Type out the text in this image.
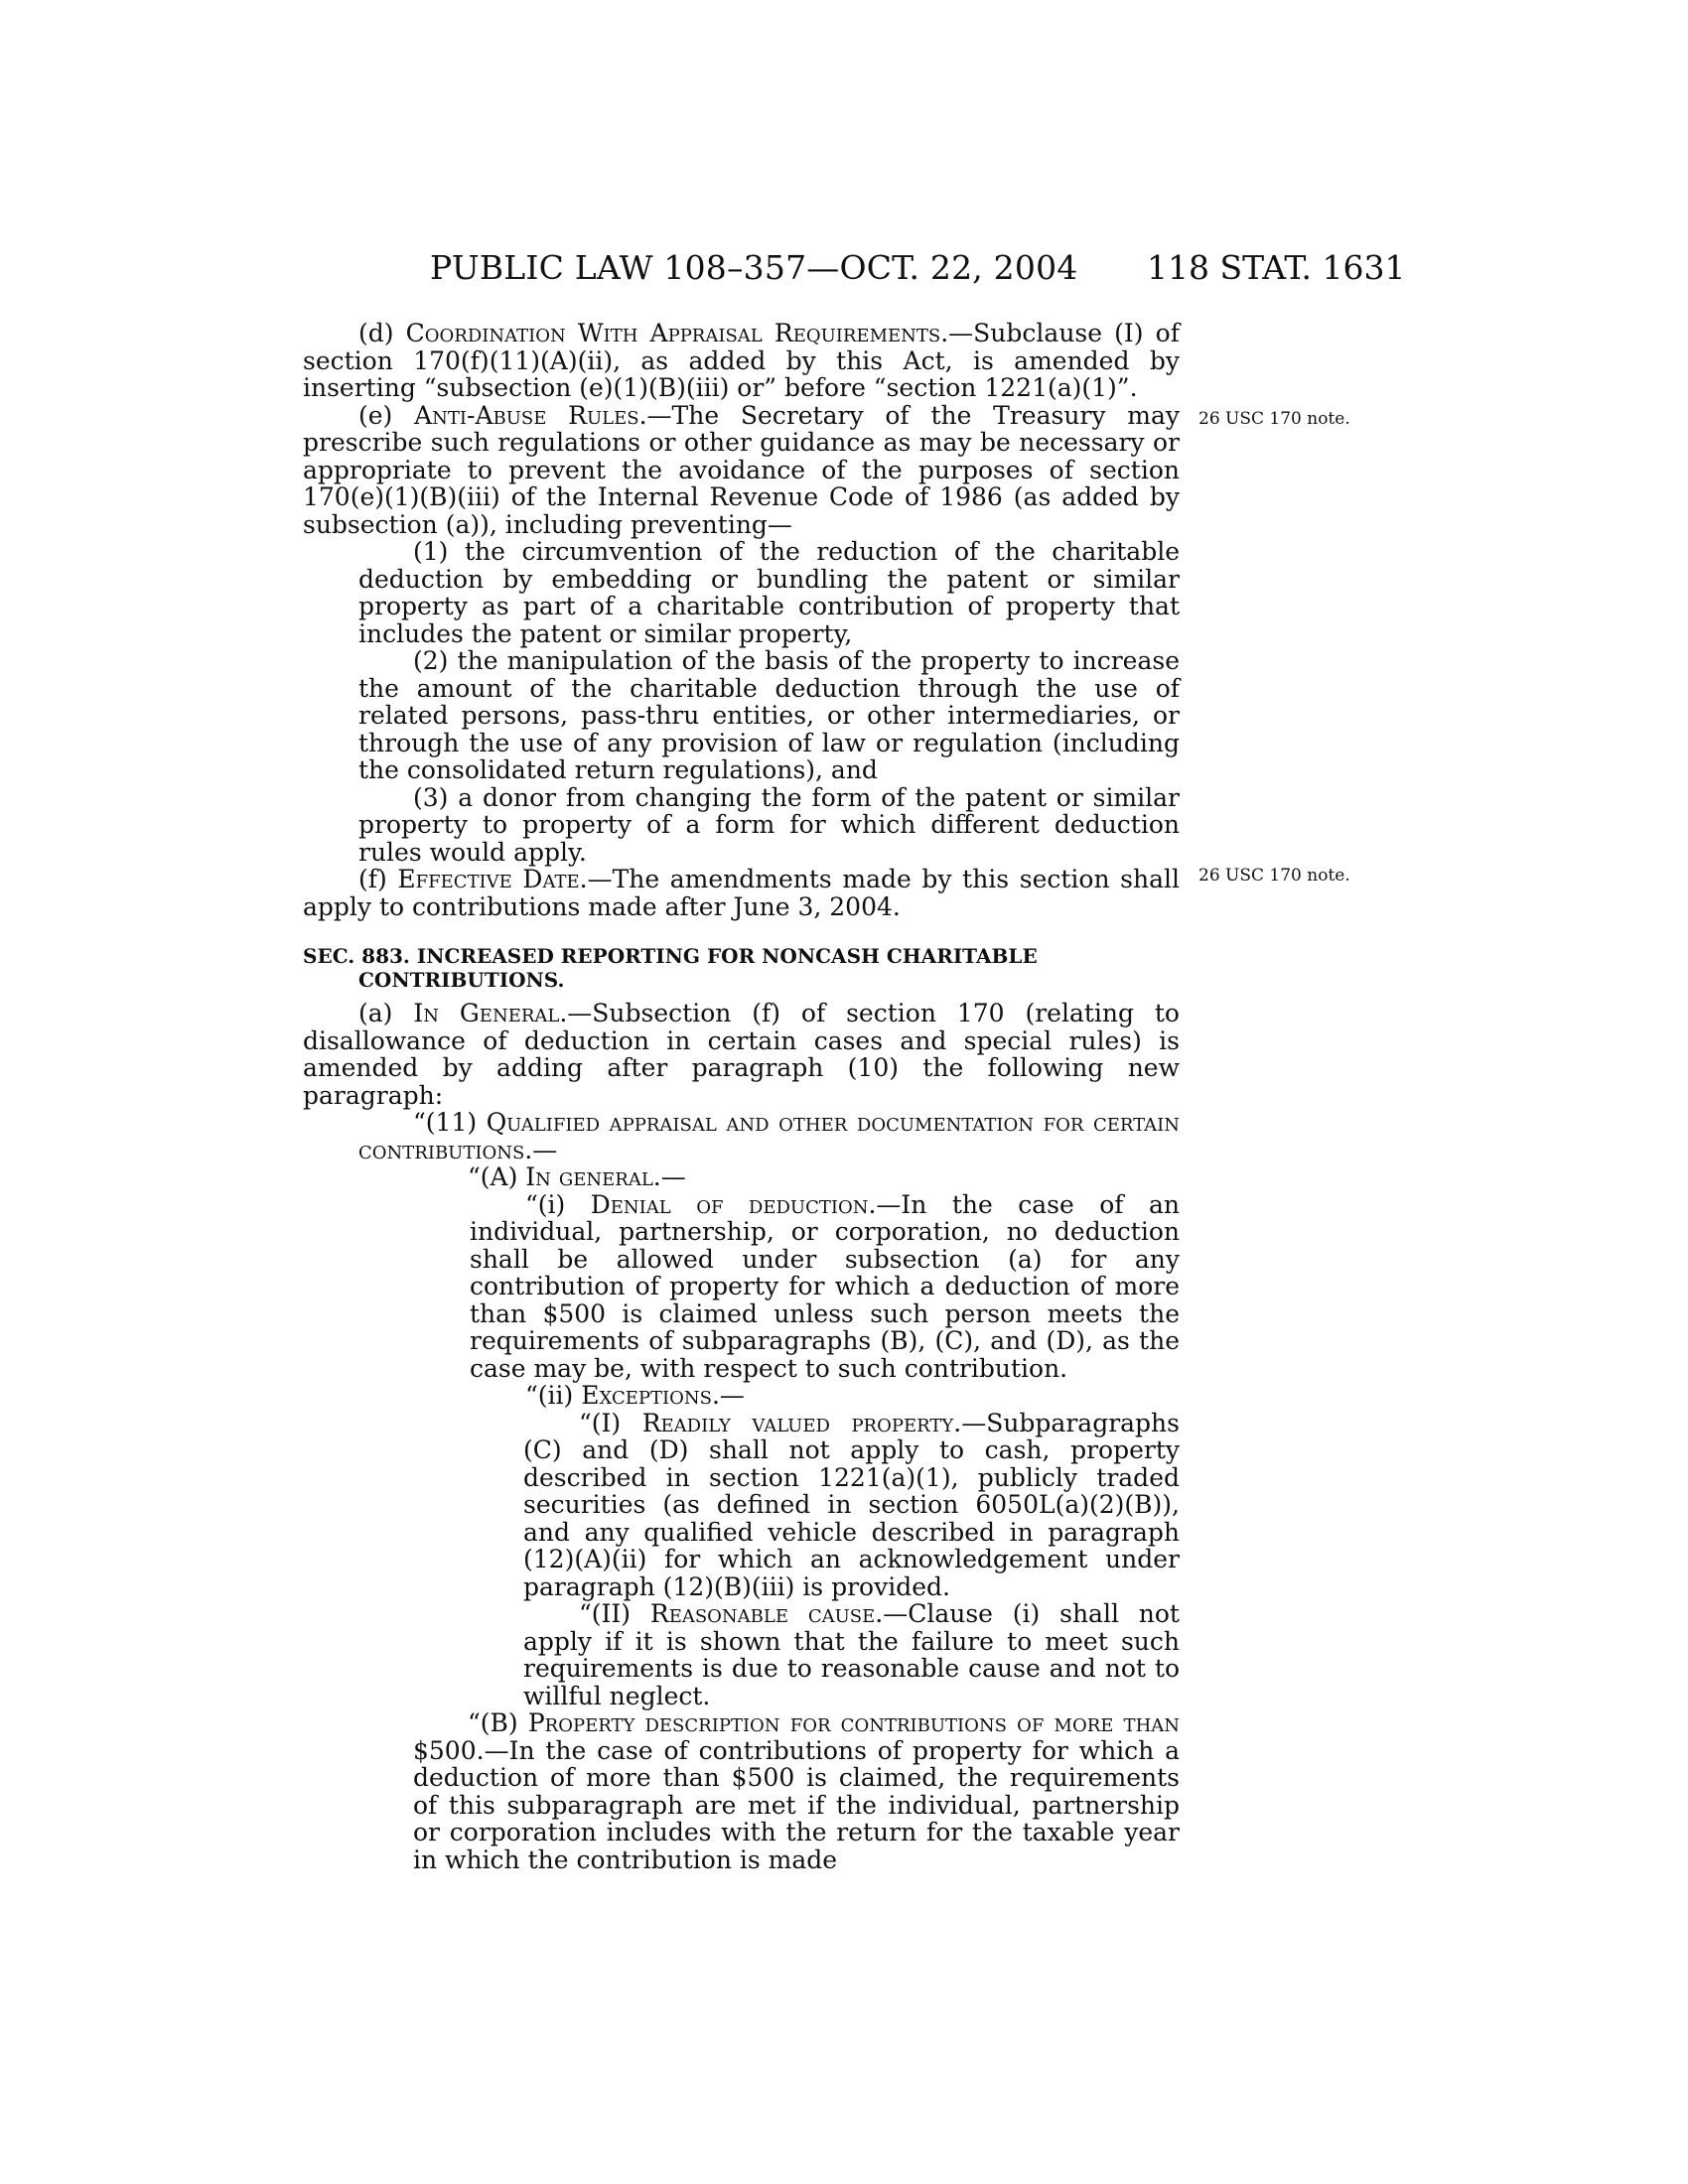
PUBLIC LAW 108–357—OCT. 22, 2004 118 STAT. 1631
26 USC 170 note.
26 USC 170 note.

(d) Coordination With Appraisal Requirements.—Subclause (I) of section 170(f)(11)(A)(ii), as added by this Act, is amended by inserting “subsection (e)(1)(B)(iii) or” before “section 1221(a)(1)”.

(e) Anti-Abuse Rules.—The Secretary of the Treasury may prescribe such regulations or other guidance as may be necessary or appropriate to prevent the avoidance of the purposes of section 170(e)(1)(B)(iii) of the Internal Revenue Code of 1986 (as added by subsection (a)), including preventing—

(1) the circumvention of the reduction of the charitable deduction by embedding or bundling the patent or similar property as part of a charitable contribution of property that includes the patent or similar property,

(2) the manipulation of the basis of the property to increase the amount of the charitable deduction through the use of related persons, pass-thru entities, or other intermediaries, or through the use of any provision of law or regulation (including the consolidated return regulations), and

(3) a donor from changing the form of the patent or similar property to property of a form for which different deduction rules would apply.

(f) Effective Date.—The amendments made by this section shall apply to contributions made after June 3, 2004.

SEC. 883. INCREASED REPORTING FOR NONCASH CHARITABLE CONTRIBUTIONS.

(a) In General.—Subsection (f) of section 170 (relating to disallowance of deduction in certain cases and special rules) is amended by adding after paragraph (10) the following new paragraph:

“(11) Qualified appraisal and other documentation for certain contributions.—

“(A) In general.—

“(i) Denial of deduction.—In the case of an individual, partnership, or corporation, no deduction shall be allowed under subsection (a) for any contribution of property for which a deduction of more than $500 is claimed unless such person meets the requirements of subparagraphs (B), (C), and (D), as the case may be, with respect to such contribution.

“(ii) Exceptions.—

“(I) Readily valued property.—Subparagraphs (C) and (D) shall not apply to cash, property described in section 1221(a)(1), publicly traded securities (as defined in section 6050L(a)(2)(B)), and any qualified vehicle described in paragraph (12)(A)(ii) for which an acknowledgement under paragraph (12)(B)(iii) is provided.

“(II) Reasonable cause.—Clause (i) shall not apply if it is shown that the failure to meet such requirements is due to reasonable cause and not to willful neglect.

“(B) Property description for contributions of more than $500.—In the case of contributions of property for which a deduction of more than $500 is claimed, the requirements of this subparagraph are met if the individual, partnership or corporation includes with the return for the taxable year in which the contribution is made
